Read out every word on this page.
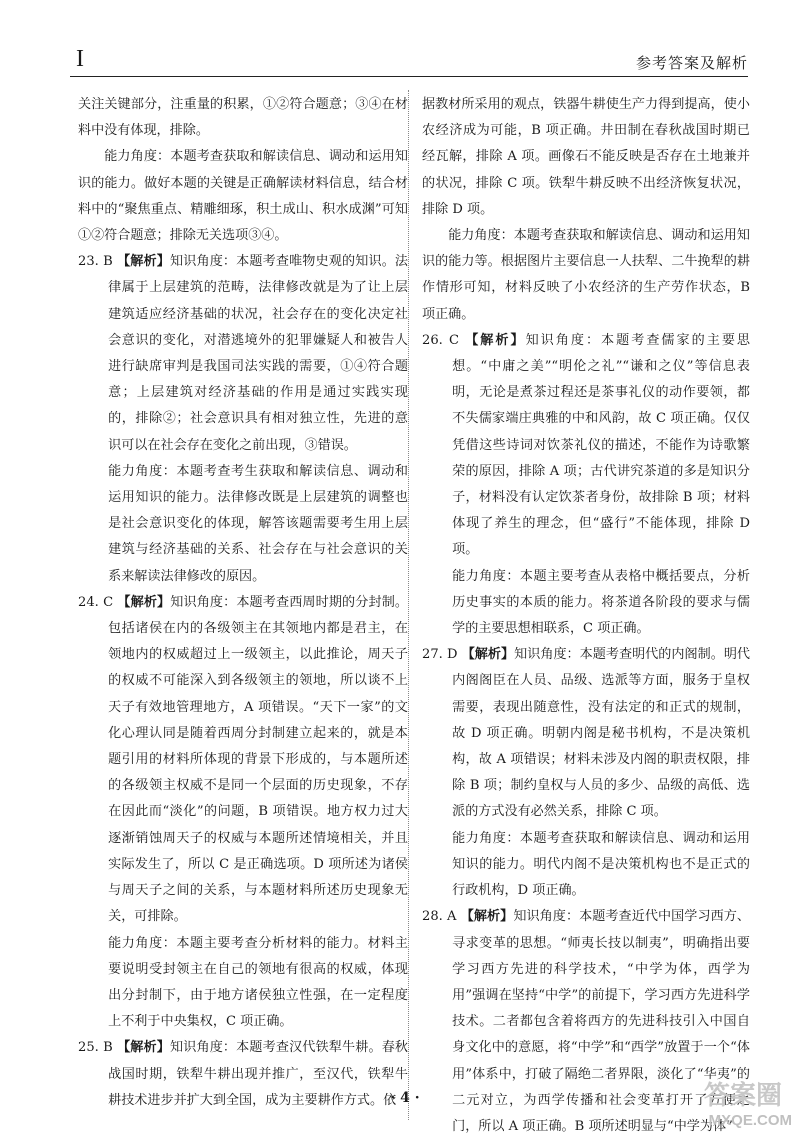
I	参考答案及解析

关注关键部分，注重量的积累，①②符合题意；③④在材料中没有体现，排除。

能力角度：本题考查获取和解读信息、调动和运用知识的能力。做好本题的关键是正确解读材料信息，结合材料中的“聚焦重点、精雕细琢，积土成山、积水成渊”可知①②符合题意；排除无关选项③④。

23. B 【解析】知识角度：本题考查唯物史观的知识。法律属于上层建筑的范畴，法律修改就是为了让上层建筑适应经济基础的状况，社会存在的变化决定社会意识的变化，对潜逃境外的犯罪嫌疑人和被告人进行缺席审判是我国司法实践的需要，①④符合题意；上层建筑对经济基础的作用是通过实践实现的，排除②；社会意识具有相对独立性，先进的意识可以在社会存在变化之前出现，③错误。

能力角度：本题考查考生获取和解读信息、调动和运用知识的能力。法律修改既是上层建筑的调整也是社会意识变化的体现，解答该题需要考生用上层建筑与经济基础的关系、社会存在与社会意识的关系来解读法律修改的原因。

24. C 【解析】知识角度：本题考查西周时期的分封制。包括诸侯在内的各级领主在其领地内都是君主，在领地内的权威超过上一级领主，以此推论，周天子的权威不可能深入到各级领主的领地，所以谈不上天子有效地管理地方，A 项错误。“天下一家”的文化心理认同是随着西周分封制建立起来的，就是本题引用的材料所体现的背景下形成的，与本题所述的各级领主权威不是同一个层面的历史现象，不存在因此而“淡化”的问题，B 项错误。地方权力过大逐渐销蚀周天子的权威与本题所述情境相关，并且实际发生了，所以 C 是正确选项。D 项所述为诸侯与周天子之间的关系，与本题材料所述历史现象无关，可排除。

能力角度：本题主要考查分析材料的能力。材料主要说明受封领主在自己的领地有很高的权威，体现出分封制下，由于地方诸侯独立性强，在一定程度上不利于中央集权，C 项正确。

25. B 【解析】知识角度：本题考查汉代铁犁牛耕。春秋战国时期，铁犁牛耕出现并推广，至汉代，铁犁牛耕技术进步并扩大到全国，成为主要耕作方式。依

据教材所采用的观点，铁器牛耕使生产力得到提高，使小农经济成为可能，B 项正确。井田制在春秋战国时期已经瓦解，排除 A 项。画像石不能反映是否存在土地兼并的状况，排除 C 项。铁犁牛耕反映不出经济恢复状况，排除 D 项。

能力角度：本题考查获取和解读信息、调动和运用知识的能力等。根据图片主要信息一人扶犁、二牛挽犁的耕作情形可知，材料反映了小农经济的生产劳作状态，B 项正确。

26. C 【解析】知识角度：本题考查儒家的主要思想。“中庸之美”“明伦之礼”“谦和之仪”等信息表明，无论是煮茶过程还是茶事礼仪的动作要领，都不失儒家端庄典雅的中和风韵，故 C 项正确。仅仅凭借这些诗词对饮茶礼仪的描述，不能作为诗歌繁荣的原因，排除 A 项；古代讲究茶道的多是知识分子，材料没有认定饮茶者身份，故排除 B 项；材料体现了养生的理念，但“盛行”不能体现，排除 D 项。

能力角度：本题主要考查从表格中概括要点，分析历史事实的本质的能力。将茶道各阶段的要求与儒学的主要思想相联系，C 项正确。

27. D 【解析】知识角度：本题考查明代的内阁制。明代内阁阁臣在人员、品级、选派等方面，服务于皇权需要，表现出随意性，没有法定的和正式的规制，故 D 项正确。明朝内阁是秘书机构，不是决策机构，故 A 项错误；材料未涉及内阁的职责权限，排除 B 项；制约皇权与人员的多少、品级的高低、选派的方式没有必然关系，排除 C 项。

能力角度：本题考查获取和解读信息、调动和运用知识的能力。明代内阁不是决策机构也不是正式的行政机构，D 项正确。

28. A 【解析】知识角度：本题考查近代中国学习西方、寻求变革的思想。“师夷长技以制夷”，明确指出要学习西方先进的科学技术，“中学为体，西学为用”强调在坚持“中学”的前提下，学习西方先进科学技术。二者都包含着将西方的先进科技引入中国自身文化中的意愿，将“中学”和“西学”放置于一个“体用”体系中，打破了隔绝二者界限，淡化了“华夷”的二元对立，为西学传播和社会变革打开了方便之门，所以 A 项正确。B 项所述明显与“中学为体”

· 4 ·	答案圈
MXQE.COM
